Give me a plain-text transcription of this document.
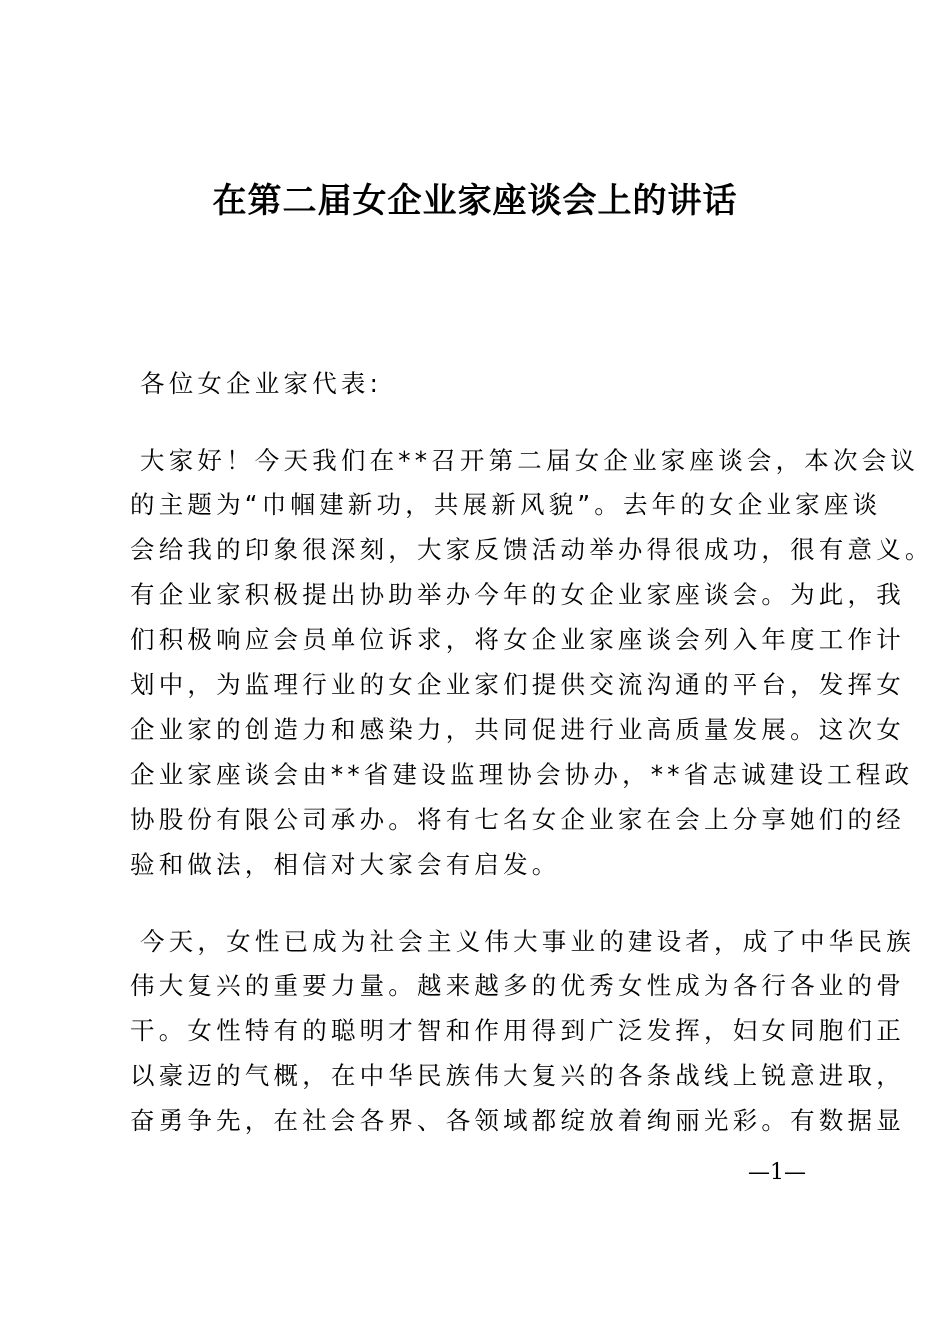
在第二届女企业家座谈会上的讲话
各位女企业家代表:
大家好！今天我们在**召开第二届女企业家座谈会，本次会议
的主题为“巾帼建新功，共展新风貌”。去年的女企业家座谈
会给我的印象很深刻，大家反馈活动举办得很成功，很有意义。
有企业家积极提出协助举办今年的女企业家座谈会。为此，我
们积极响应会员单位诉求，将女企业家座谈会列入年度工作计
划中，为监理行业的女企业家们提供交流沟通的平台，发挥女
企业家的创造力和感染力，共同促进行业高质量发展。这次女
企业家座谈会由**省建设监理协会协办，**省志诚建设工程政
协股份有限公司承办。将有七名女企业家在会上分享她们的经
验和做法，相信对大家会有启发。
今天，女性已成为社会主义伟大事业的建设者，成了中华民族
伟大复兴的重要力量。越来越多的优秀女性成为各行各业的骨
干。女性特有的聪明才智和作用得到广泛发挥，妇女同胞们正
以豪迈的气概，在中华民族伟大复兴的各条战线上锐意进取，
奋勇争先，在社会各界、各领域都绽放着绚丽光彩。有数据显
—1—
